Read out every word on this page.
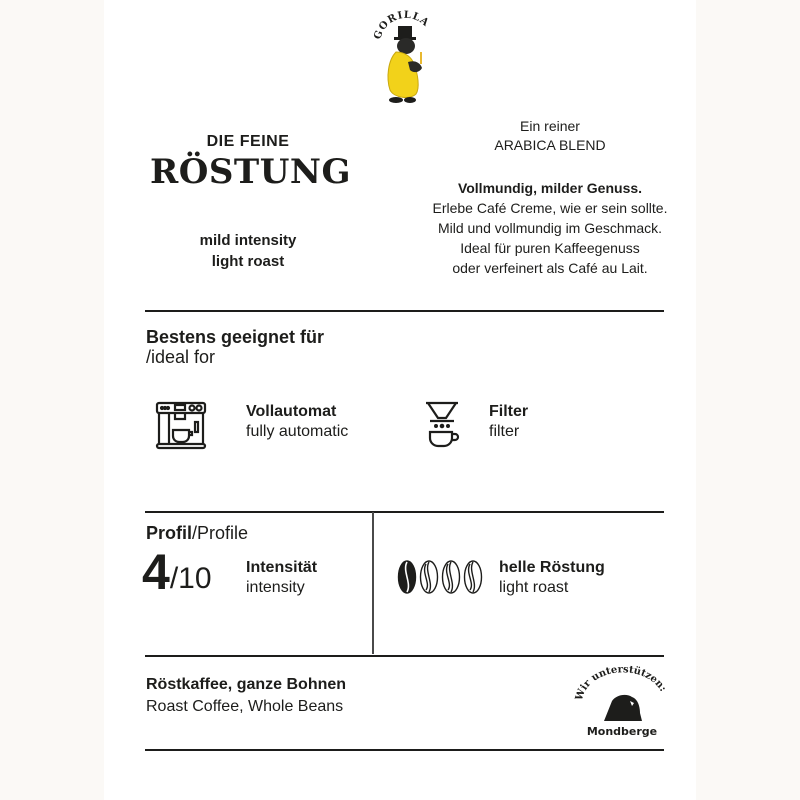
GORILLA
DIE FEINE
RÖSTUNG
mild intensity
light roast
Ein reiner
ARABICA BLEND
Vollmundig, milder Genuss.
Erlebe Café Creme, wie er sein sollte.
Mild und vollmundig im Geschmack.
Ideal für puren Kaffeegenuss
oder verfeinert als Café au Lait.
Bestens geeignet für
/ideal for
Vollautomat
fully automatic
Filter
filter
Profil/Profile
4 /10 Intensität
intensity
helle Röstung
light roast
Röstkaffee, ganze Bohnen
Roast Coffee, Whole Beans
Wir unterstützen:
Mondberge
